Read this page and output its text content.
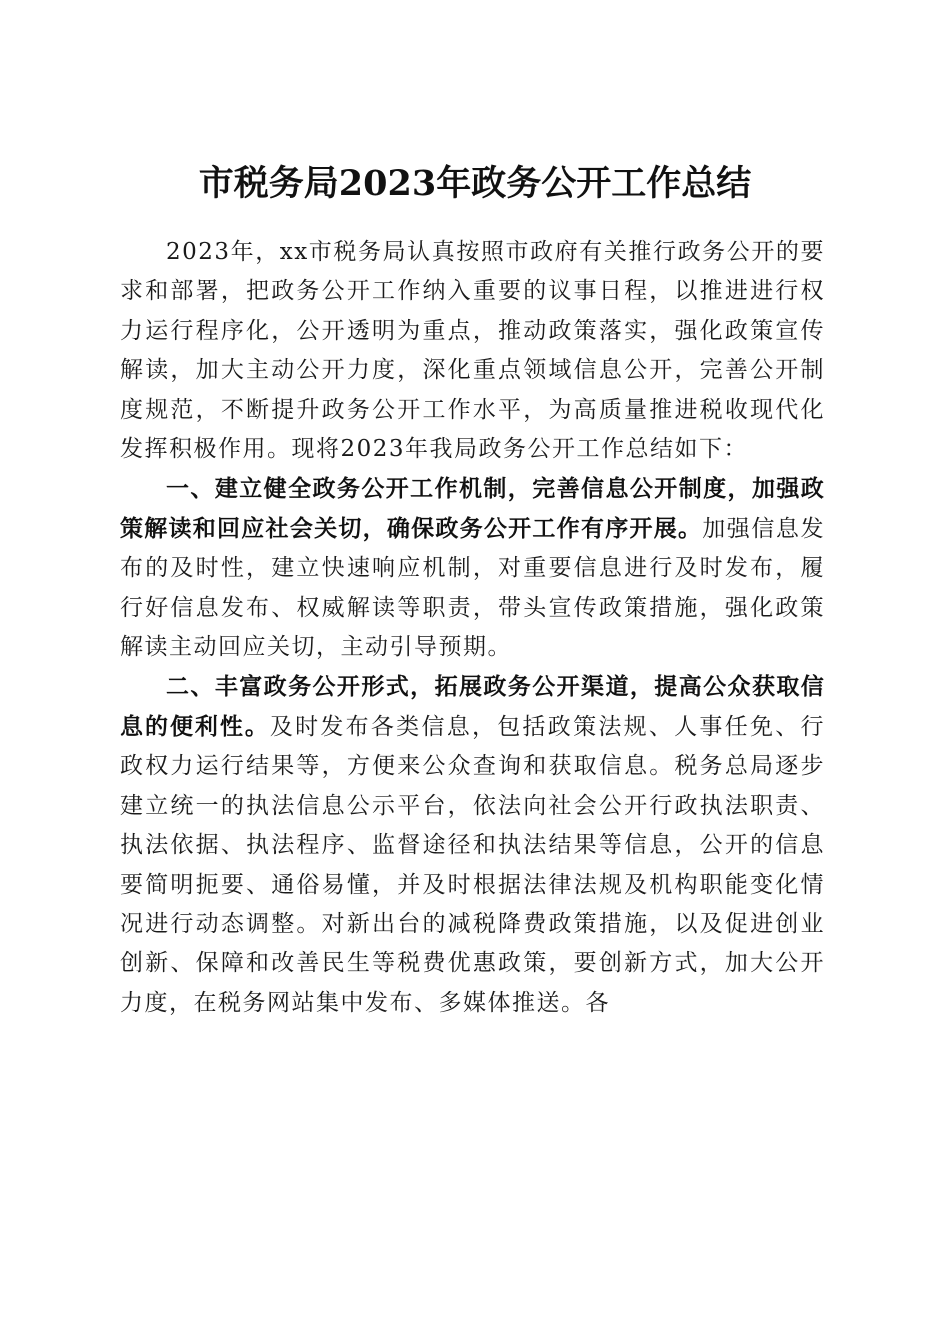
市税务局2023年政务公开工作总结

2023年，xx市税务局认真按照市政府有关推行政务公开的要求和部署，把政务公开工作纳入重要的议事日程，以推进进行权力运行程序化，公开透明为重点，推动政策落实，强化政策宣传解读，加大主动公开力度，深化重点领域信息公开，完善公开制度规范，不断提升政务公开工作水平，为高质量推进税收现代化发挥积极作用。现将2023年我局政务公开工作总结如下：

一、建立健全政务公开工作机制，完善信息公开制度，加强政策解读和回应社会关切，确保政务公开工作有序开展。加强信息发布的及时性，建立快速响应机制，对重要信息进行及时发布，履行好信息发布、权威解读等职责，带头宣传政策措施，强化政策解读主动回应关切，主动引导预期。

二、丰富政务公开形式，拓展政务公开渠道，提高公众获取信息的便利性。及时发布各类信息，包括政策法规、人事任免、行政权力运行结果等，方便来公众查询和获取信息。税务总局逐步建立统一的执法信息公示平台，依法向社会公开行政执法职责、执法依据、执法程序、监督途径和执法结果等信息，公开的信息要简明扼要、通俗易懂，并及时根据法律法规及机构职能变化情况进行动态调整。对新出台的减税降费政策措施，以及促进创业创新、保障和改善民生等税费优惠政策，要创新方式，加大公开力度，在税务网站集中发布、多媒体推送。各
